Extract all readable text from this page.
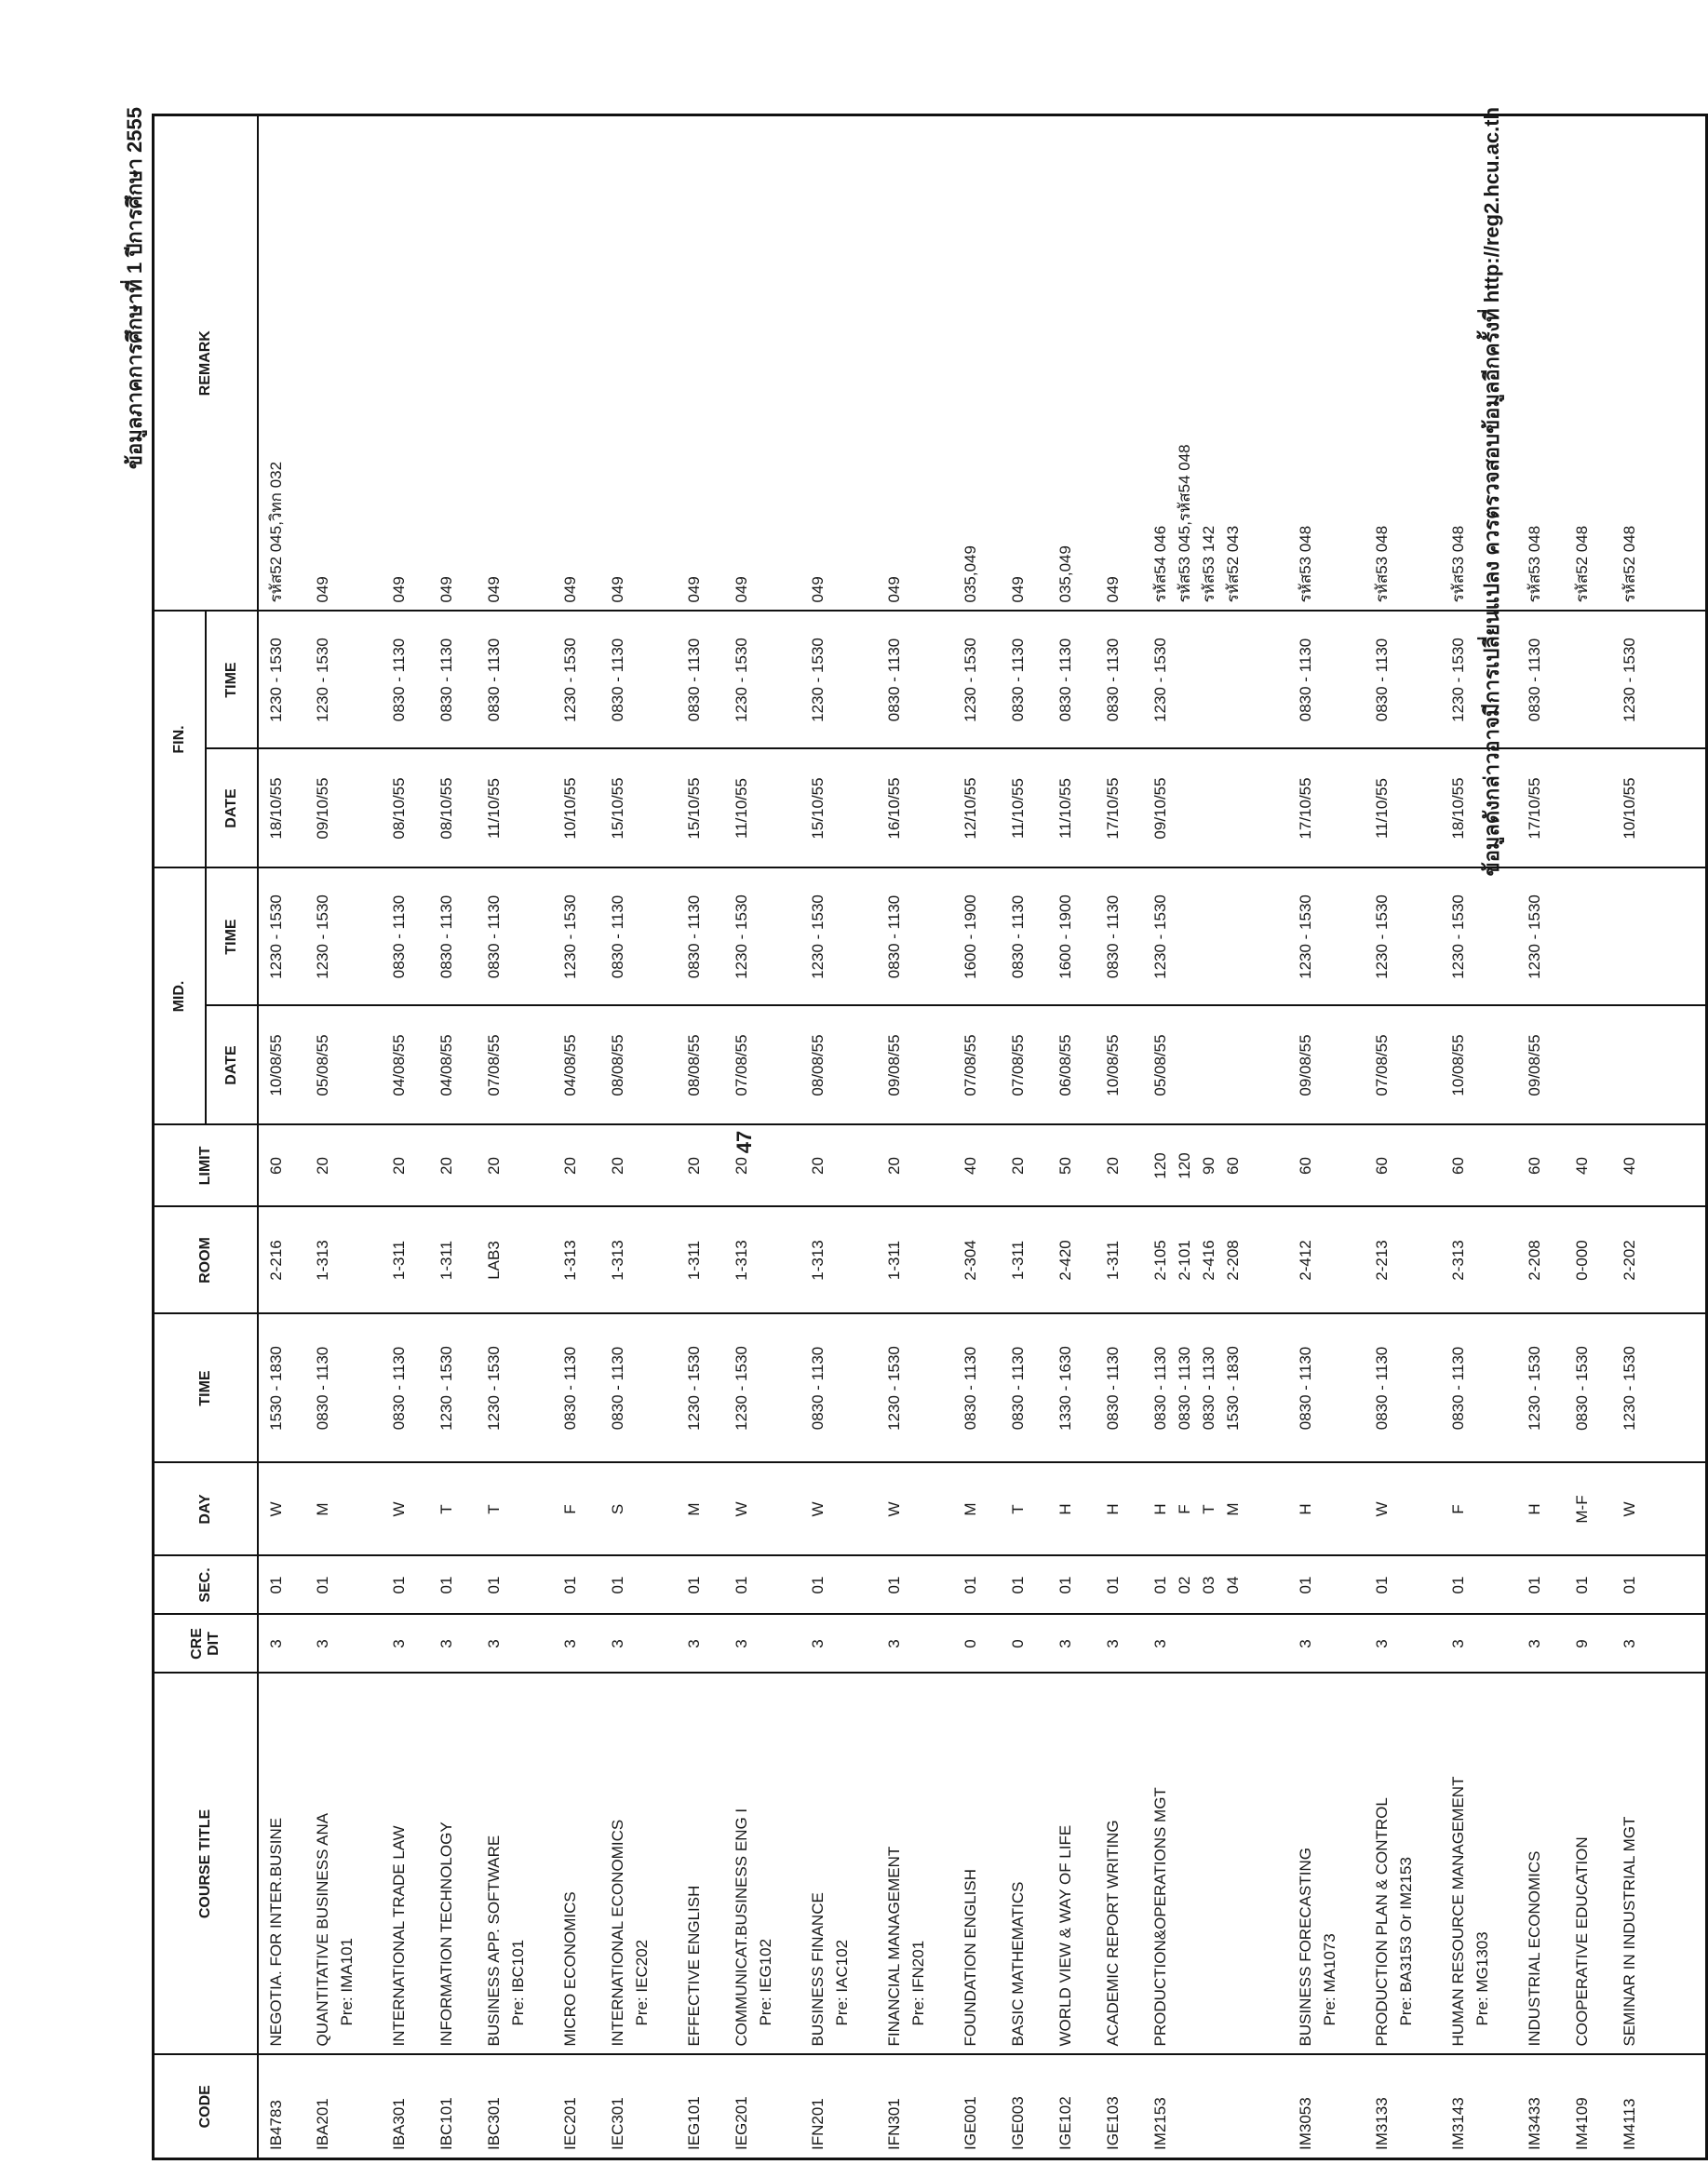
47
ข้อมูลภาคการศึกษาที่ 1 ปีการศึกษา 2555
CODE	COURSE TITLE	CRE DIT	SEC.	DAY	TIME	ROOM	LIMIT	MID.		FIN.		REMARK
								DATE	TIME	DATE	TIME	
IB4783	NEGOTIA. FOR INTER.BUSINE	3	01	W	1530 - 1830	2-216	60	10/08/55	1230 - 1530	18/10/55	1230 - 1530	รหัส52 045,วิทก 032

IBA201	QUANTITATIVE BUSINESS ANA Pre: IMA101	3	01	M	0830 - 1130	1-313	20	05/08/55	1230 - 1530	09/10/55	1230 - 1530	049

IBA301	INTERNATIONAL TRADE LAW	3	01	W	0830 - 1130	1-311	20	04/08/55	0830 - 1130	08/10/55	0830 - 1130	049

IBC101	INFORMATION TECHNOLOGY	3	01	T	1230 - 1530	1-311	20	04/08/55	0830 - 1130	08/10/55	0830 - 1130	049

IBC301	BUSINESS APP. SOFTWARE Pre: IBC101	3	01	T	1230 - 1530	LAB3	20	07/08/55	0830 - 1130	11/10/55	0830 - 1130	049

IEC201	MICRO ECONOMICS	3	01	F	0830 - 1130	1-313	20	04/08/55	1230 - 1530	10/10/55	1230 - 1530	049

IEC301	INTERNATIONAL ECONOMICS Pre: IEC202	3	01	S	0830 - 1130	1-313	20	08/08/55	0830 - 1130	15/10/55	0830 - 1130	049

IEG101	EFFECTIVE ENGLISH	3	01	M	1230 - 1530	1-311	20	08/08/55	0830 - 1130	15/10/55	0830 - 1130	049

IEG201	COMMUNICAT.BUSINESS ENG I Pre: IEG102	3	01	W	1230 - 1530	1-313	20	07/08/55	1230 - 1530	11/10/55	1230 - 1530	049

IFN201	BUSINESS FINANCE Pre: IAC102	3	01	W	0830 - 1130	1-313	20	08/08/55	1230 - 1530	15/10/55	1230 - 1530	049

IFN301	FINANCIAL MANAGEMENT Pre: IFN201	3	01	W	1230 - 1530	1-311	20	09/08/55	0830 - 1130	16/10/55	0830 - 1130	049

IGE001	FOUNDATION ENGLISH	0	01	M	0830 - 1130	2-304	40	07/08/55	1600 - 1900	12/10/55	1230 - 1530	035,049

IGE003	BASIC MATHEMATICS	0	01	T	0830 - 1130	1-311	20	07/08/55	0830 - 1130	11/10/55	0830 - 1130	049

IGE102	WORLD VIEW & WAY OF LIFE	3	01	H	1330 - 1630	2-420	50	06/08/55	1600 - 1900	11/10/55	0830 - 1130	035,049

IGE103	ACADEMIC REPORT WRITING	3	01	H	0830 - 1130	1-311	20	10/08/55	0830 - 1130	17/10/55	0830 - 1130	049

IM2153	PRODUCTION&OPERATIONS MGT	3	01 02 03 04	H F T M	0830 - 1130 0830 - 1130 0830 - 1130 1530 - 1830	2-105 2-101 2-416 2-208	120 120 90 60	05/08/55	1230 - 1530	09/10/55	1230 - 1530	รหัส54 046 รหัส53 045,รหัส54 048 รหัส53 142 รหัส52 043

IM3053	BUSINESS FORECASTING Pre: MA1073	3	01	H	0830 - 1130	2-412	60	09/08/55	1230 - 1530	17/10/55	0830 - 1130	รหัส53 048

IM3133	PRODUCTION PLAN & CONTROL Pre: BA3153 Or IM2153	3	01	W	0830 - 1130	2-213	60	07/08/55	1230 - 1530	11/10/55	0830 - 1130	รหัส53 048

IM3143	HUMAN RESOURCE MANAGEMENT Pre: MG1303	3	01	F	0830 - 1130	2-313	60	10/08/55	1230 - 1530	18/10/55	1230 - 1530	รหัส53 048

IM3433	INDUSTRIAL ECONOMICS	3	01	H	1230 - 1530	2-208	60	09/08/55	1230 - 1530	17/10/55	0830 - 1130	รหัส53 048

IM4109	COOPERATIVE EDUCATION	9	01	M-F	0830 - 1530	0-000	40					รหัส52 048

IM4113	SEMINAR IN INDUSTRIAL MGT	3	01	W	1230 - 1530	2-202	40			10/10/55	1230 - 1530	รหัส52 048

ข้อมูลดังกล่าวอาจมีการเปลี่ยนแปลง ควรตรวจสอบข้อมูลอีกครั้งที่ http://reg2.hcu.ac.th
